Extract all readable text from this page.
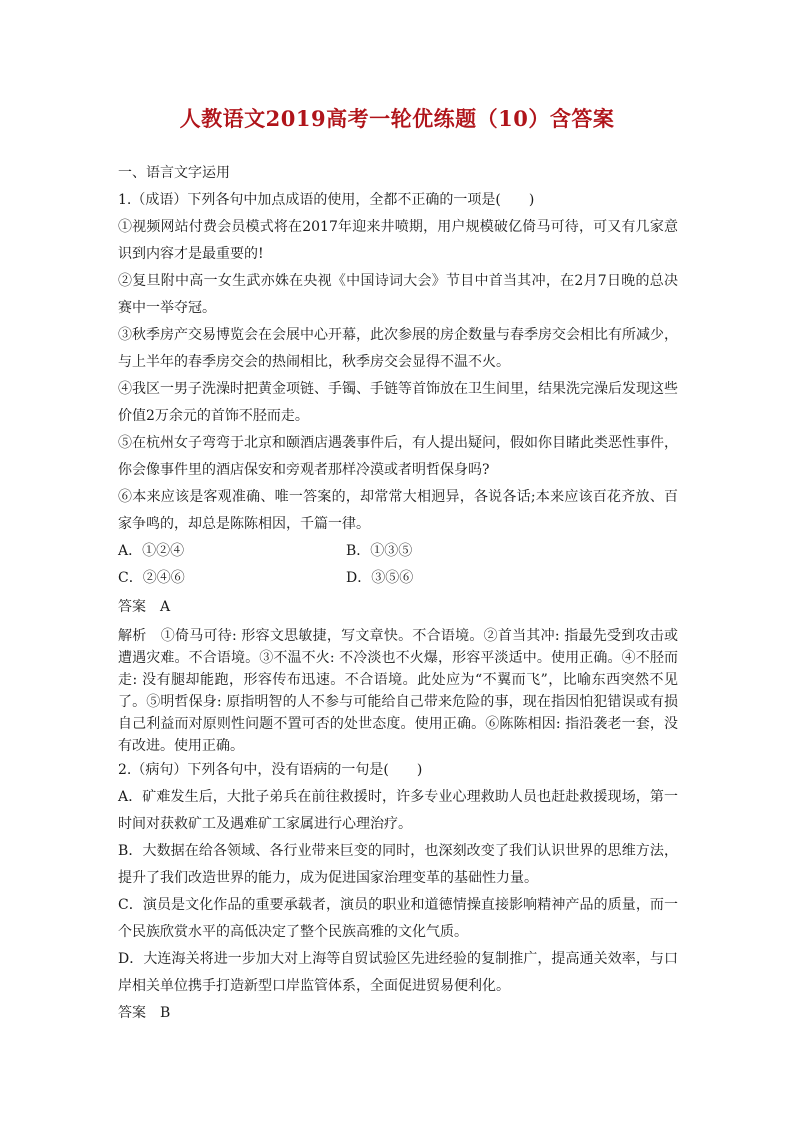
人教语文2019高考一轮优练题（10）含答案
一、语言文字运用
1.（成语）下列各句中加点成语的使用，全都不正确的一项是(　　)
①视频网站付费会员模式将在2017年迎来井喷期，用户规模破亿倚马可待，可又有几家意
识到内容才是最重要的!
②复旦附中高一女生武亦姝在央视《中国诗词大会》节目中首当其冲，在2月7日晚的总决
赛中一举夺冠。
③秋季房产交易博览会在会展中心开幕，此次参展的房企数量与春季房交会相比有所减少，
与上半年的春季房交会的热闹相比，秋季房交会显得不温不火。
④我区一男子洗澡时把黄金项链、手镯、手链等首饰放在卫生间里，结果洗完澡后发现这些
价值2万余元的首饰不胫而走。
⑤在杭州女子弯弯于北京和颐酒店遇袭事件后，有人提出疑问，假如你目睹此类恶性事件，
你会像事件里的酒店保安和旁观者那样冷漠或者明哲保身吗?
⑥本来应该是客观准确、唯一答案的，却常常大相迥异，各说各话;本来应该百花齐放、百
家争鸣的，却总是陈陈相因，千篇一律。
A．①②④	B．①③⑤
C．②④⑥	D．③⑤⑥
答案　A
解析　①倚马可待: 形容文思敏捷，写文章快。不合语境。②首当其冲: 指最先受到攻击或
遭遇灾难。不合语境。③不温不火: 不冷淡也不火爆，形容平淡适中。使用正确。④不胫而
走: 没有腿却能跑，形容传布迅速。不合语境。此处应为“不翼而飞”，比喻东西突然不见
了。⑤明哲保身: 原指明智的人不参与可能给自己带来危险的事，现在指因怕犯错误或有损
自己利益而对原则性问题不置可否的处世态度。使用正确。⑥陈陈相因: 指沿袭老一套，没
有改进。使用正确。
2.（病句）下列各句中，没有语病的一句是(　　)
A．矿难发生后，大批子弟兵在前往救援时，许多专业心理救助人员也赶赴救援现场，第一
时间对获救矿工及遇难矿工家属进行心理治疗。
B．大数据在给各领域、各行业带来巨变的同时，也深刻改变了我们认识世界的思维方法，
提升了我们改造世界的能力，成为促进国家治理变革的基础性力量。
C．演员是文化作品的重要承载者，演员的职业和道德情操直接影响精神产品的质量，而一
个民族欣赏水平的高低决定了整个民族高雅的文化气质。
D．大连海关将进一步加大对上海等自贸试验区先进经验的复制推广，提高通关效率，与口
岸相关单位携手打造新型口岸监管体系，全面促进贸易便利化。
答案　B
